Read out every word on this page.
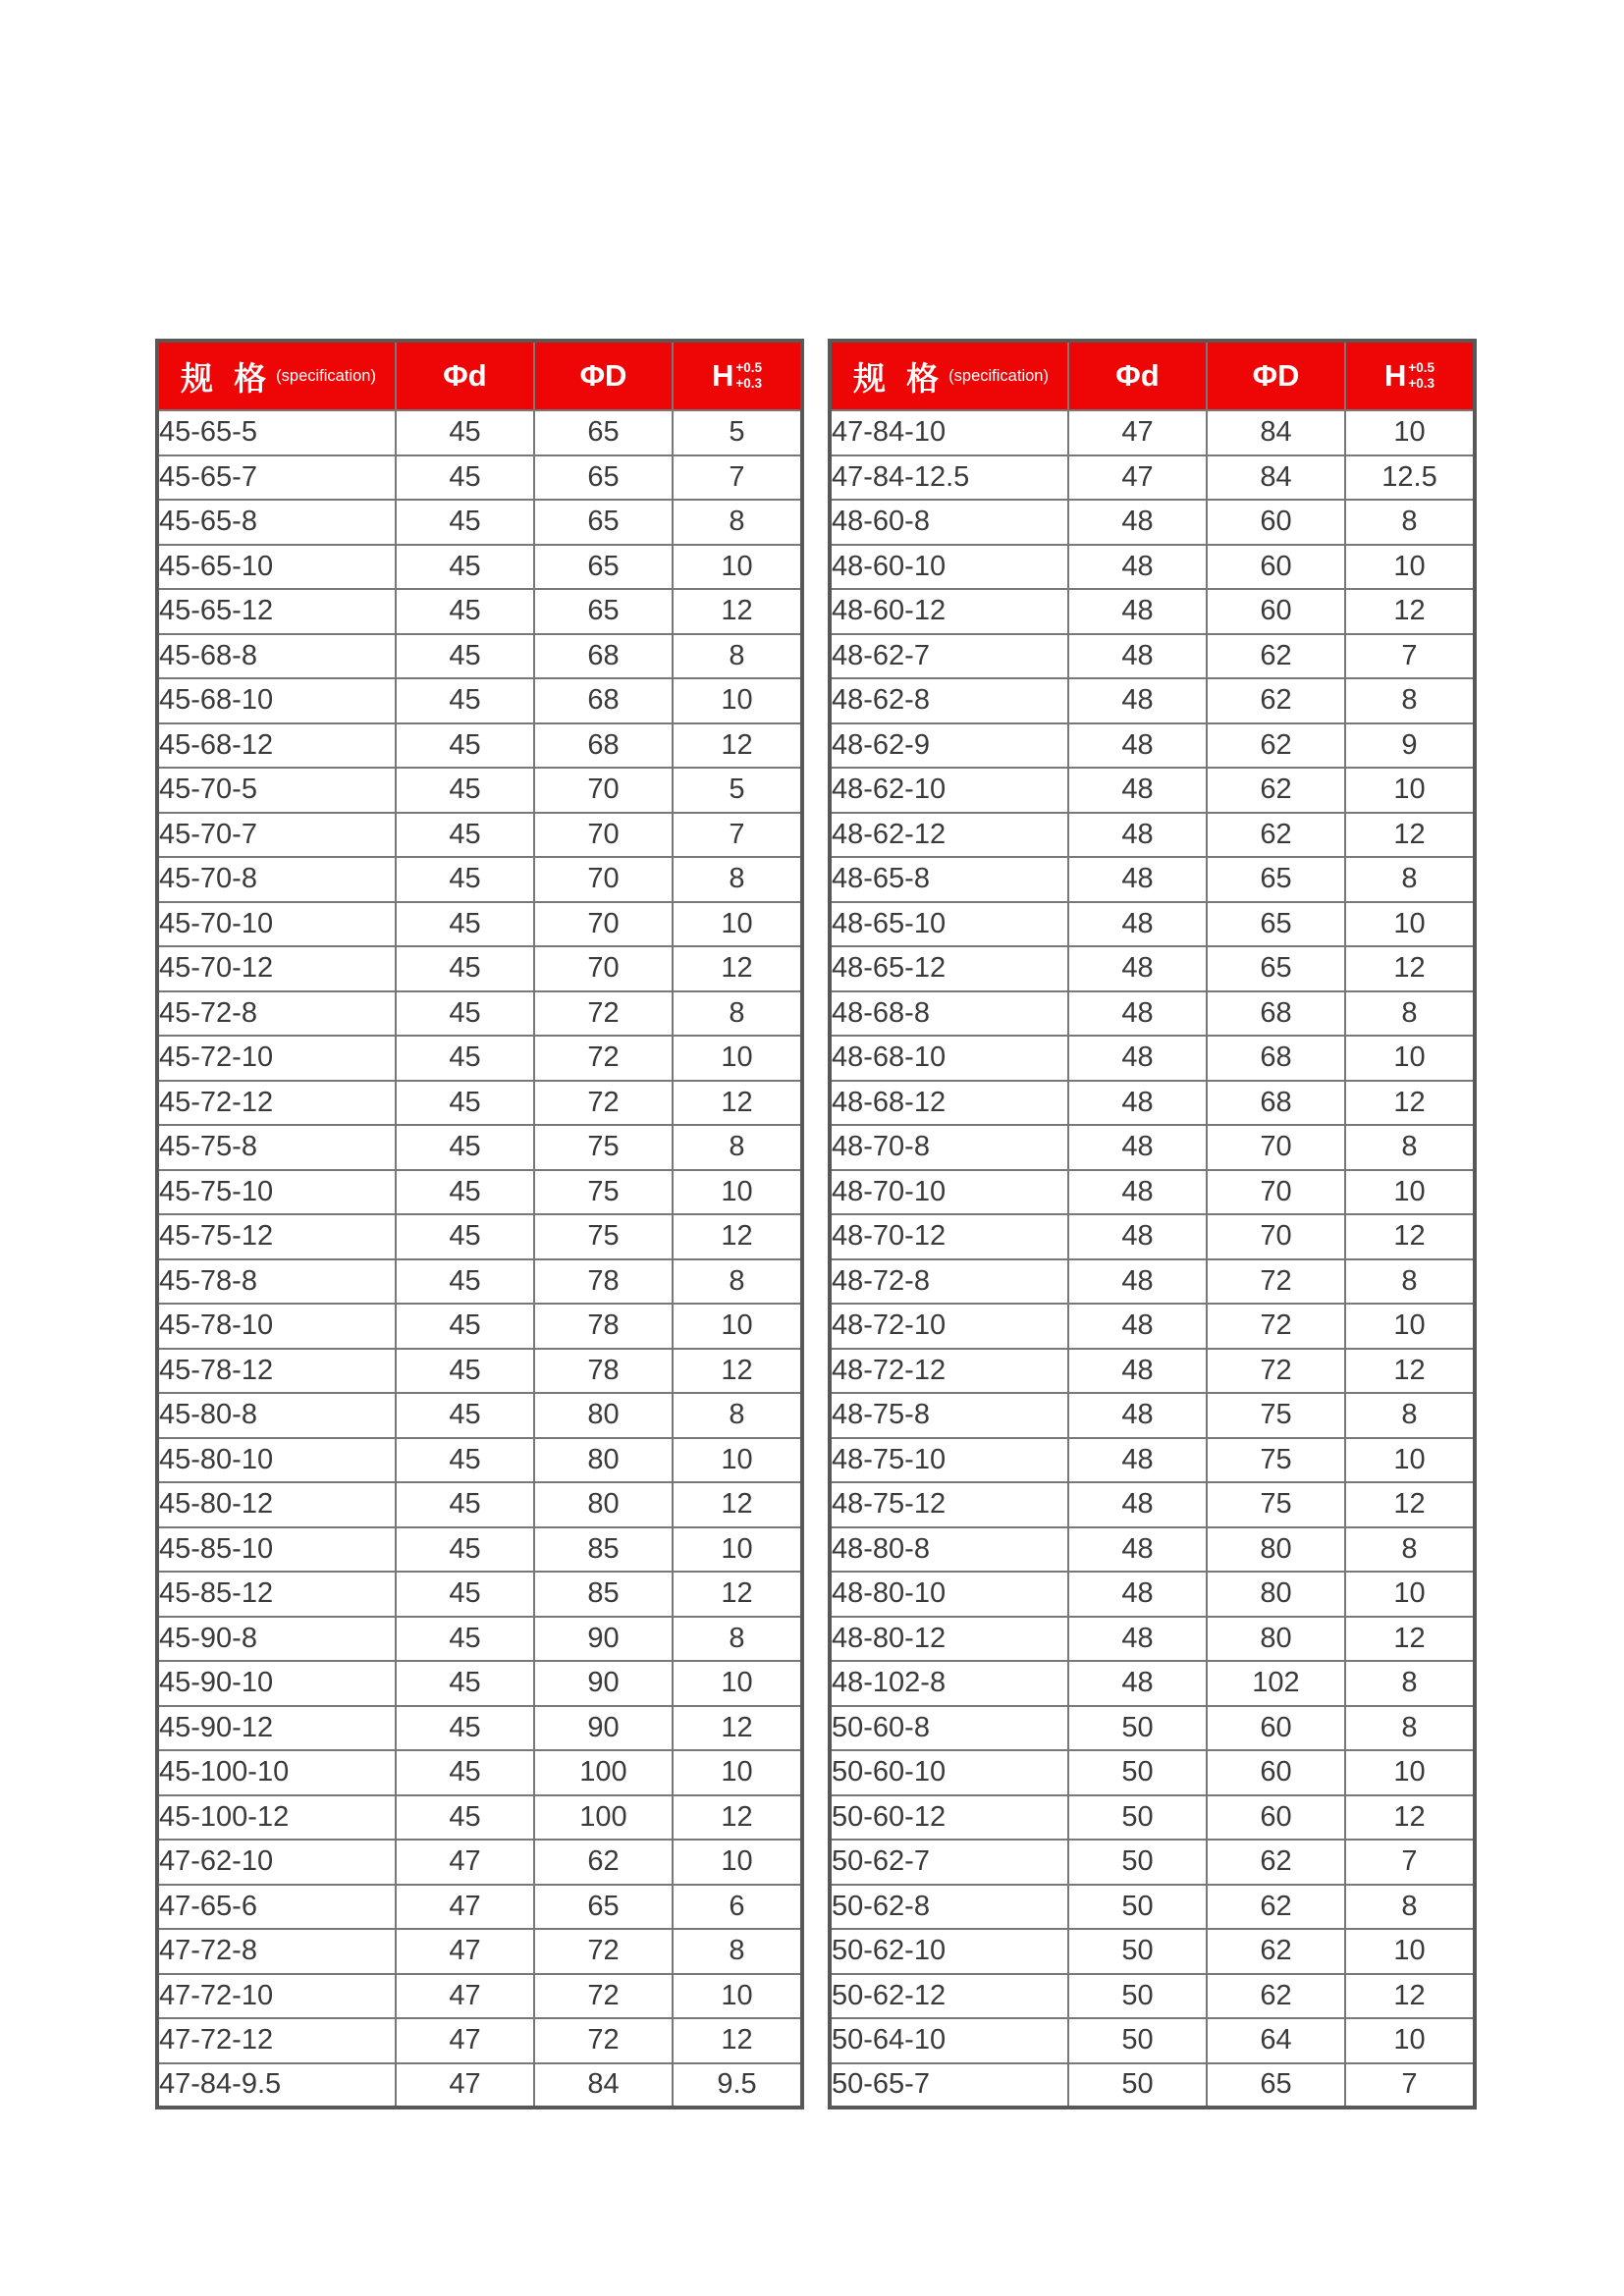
规 格 (specification)	Φd	ΦD	H +0.5
+0.3

45-65-5	45	65	5
45-65-7	45	65	7
45-65-8	45	65	8
45-65-10	45	65	10
45-65-12	45	65	12
45-68-8	45	68	8
45-68-10	45	68	10
45-68-12	45	68	12
45-70-5	45	70	5
45-70-7	45	70	7
45-70-8	45	70	8
45-70-10	45	70	10
45-70-12	45	70	12
45-72-8	45	72	8
45-72-10	45	72	10
45-72-12	45	72	12
45-75-8	45	75	8
45-75-10	45	75	10
45-75-12	45	75	12
45-78-8	45	78	8
45-78-10	45	78	10
45-78-12	45	78	12
45-80-8	45	80	8
45-80-10	45	80	10
45-80-12	45	80	12
45-85-10	45	85	10
45-85-12	45	85	12
45-90-8	45	90	8
45-90-10	45	90	10
45-90-12	45	90	12
45-100-10	45	100	10
45-100-12	45	100	12
47-62-10	47	62	10
47-65-6	47	65	6
47-72-8	47	72	8
47-72-10	47	72	10
47-72-12	47	72	12
47-84-9.5	47	84	9.5
规 格 (specification)	Φd	ΦD	H +0.5
+0.3

47-84-10	47	84	10
47-84-12.5	47	84	12.5
48-60-8	48	60	8
48-60-10	48	60	10
48-60-12	48	60	12
48-62-7	48	62	7
48-62-8	48	62	8
48-62-9	48	62	9
48-62-10	48	62	10
48-62-12	48	62	12
48-65-8	48	65	8
48-65-10	48	65	10
48-65-12	48	65	12
48-68-8	48	68	8
48-68-10	48	68	10
48-68-12	48	68	12
48-70-8	48	70	8
48-70-10	48	70	10
48-70-12	48	70	12
48-72-8	48	72	8
48-72-10	48	72	10
48-72-12	48	72	12
48-75-8	48	75	8
48-75-10	48	75	10
48-75-12	48	75	12
48-80-8	48	80	8
48-80-10	48	80	10
48-80-12	48	80	12
48-102-8	48	102	8
50-60-8	50	60	8
50-60-10	50	60	10
50-60-12	50	60	12
50-62-7	50	62	7
50-62-8	50	62	8
50-62-10	50	62	10
50-62-12	50	62	12
50-64-10	50	64	10
50-65-7	50	65	7
